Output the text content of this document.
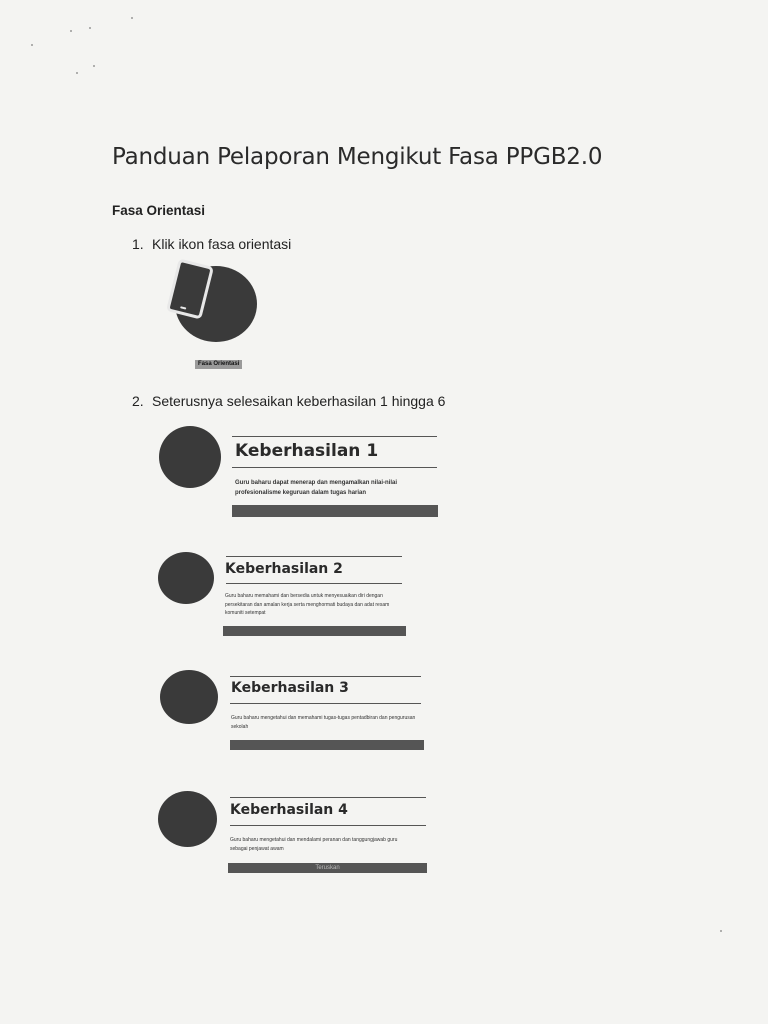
Panduan Pelaporan Mengikut Fasa PPGB2.0
Fasa Orientasi
1. Klik ikon fasa orientasi
Fasa Orientasi
2. Seterusnya selesaikan keberhasilan 1 hingga 6
Keberhasilan 1
Guru baharu dapat menerap dan mengamalkan nilai-nilai profesionalisme keguruan dalam tugas harian
Keberhasilan 2
Guru baharu memahami dan bersedia untuk menyesuaikan diri dengan persekitaran dan amalan kerja serta menghormati budaya dan adat resam komuniti setempat
Keberhasilan 3
Guru baharu mengetahui dan memahami tugas-tugas pentadbiran dan pengurusan sekolah
Keberhasilan 4
Guru baharu mengetahui dan mendalami peranan dan tanggungjawab guru sebagai penjawat awam
Teruskan
